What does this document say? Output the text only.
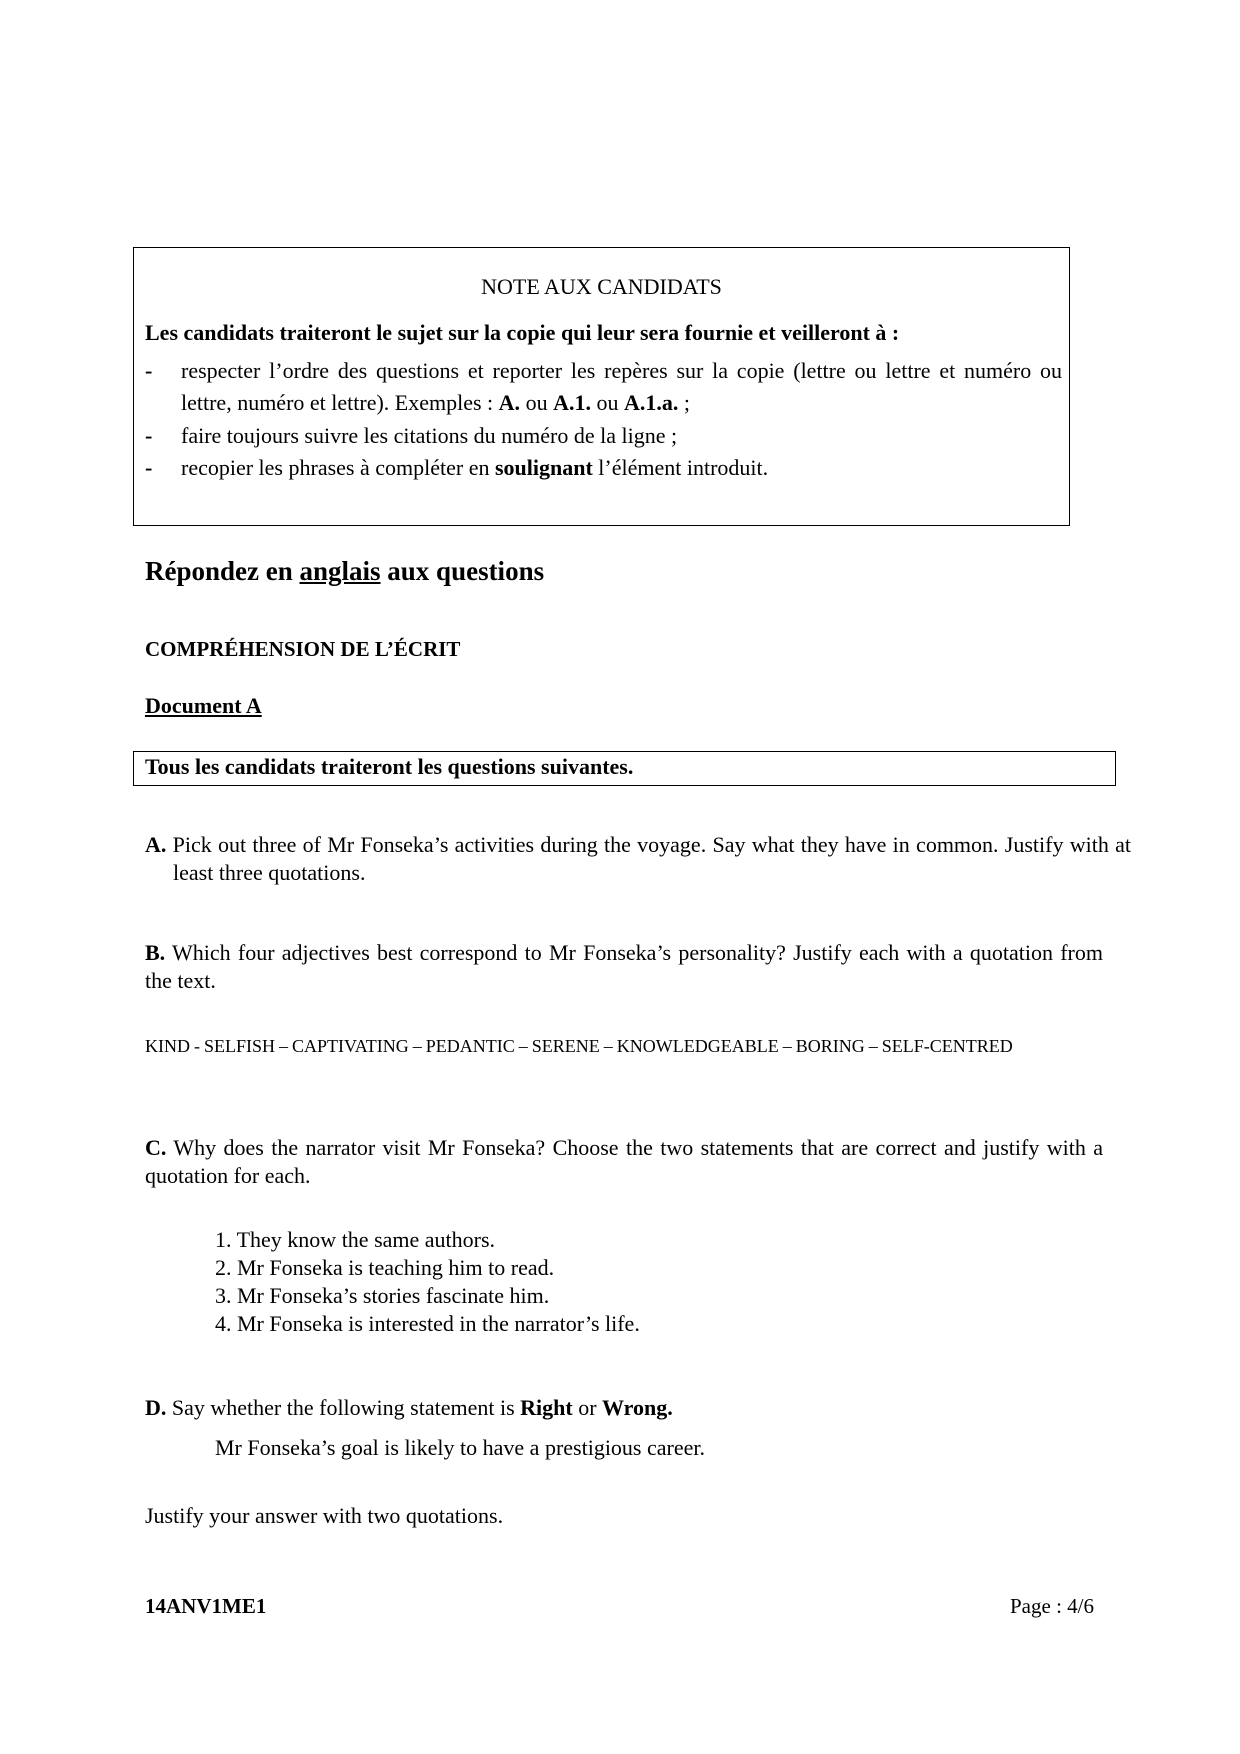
NOTE AUX CANDIDATS
Les candidats traiteront le sujet sur la copie qui leur sera fournie et veilleront à :
- respecter l’ordre des questions et reporter les repères sur la copie (lettre ou lettre et numéro ou lettre, numéro et lettre). Exemples : A. ou A.1. ou A.1.a. ;
- faire toujours suivre les citations du numéro de la ligne ;
- recopier les phrases à compléter en soulignant l’élément introduit.
Répondez en anglais aux questions
COMPRÉHENSION DE L’ÉCRIT
Document A
Tous les candidats traiteront les questions suivantes.
A. Pick out three of Mr Fonseka’s activities during the voyage. Say what they have in common. Justify with at least three quotations.
B. Which four adjectives best correspond to Mr Fonseka’s personality? Justify each with a quotation from the text.
KIND - SELFISH – CAPTIVATING – PEDANTIC – SERENE – KNOWLEDGEABLE – BORING – SELF-CENTRED
C. Why does the narrator visit Mr Fonseka? Choose the two statements that are correct and justify with a quotation for each.
1. They know the same authors.
2. Mr Fonseka is teaching him to read.
3. Mr Fonseka’s stories fascinate him.
4. Mr Fonseka is interested in the narrator’s life.
D. Say whether the following statement is Right or Wrong.
Mr Fonseka’s goal is likely to have a prestigious career.
Justify your answer with two quotations.
14ANV1ME1	Page : 4/6
